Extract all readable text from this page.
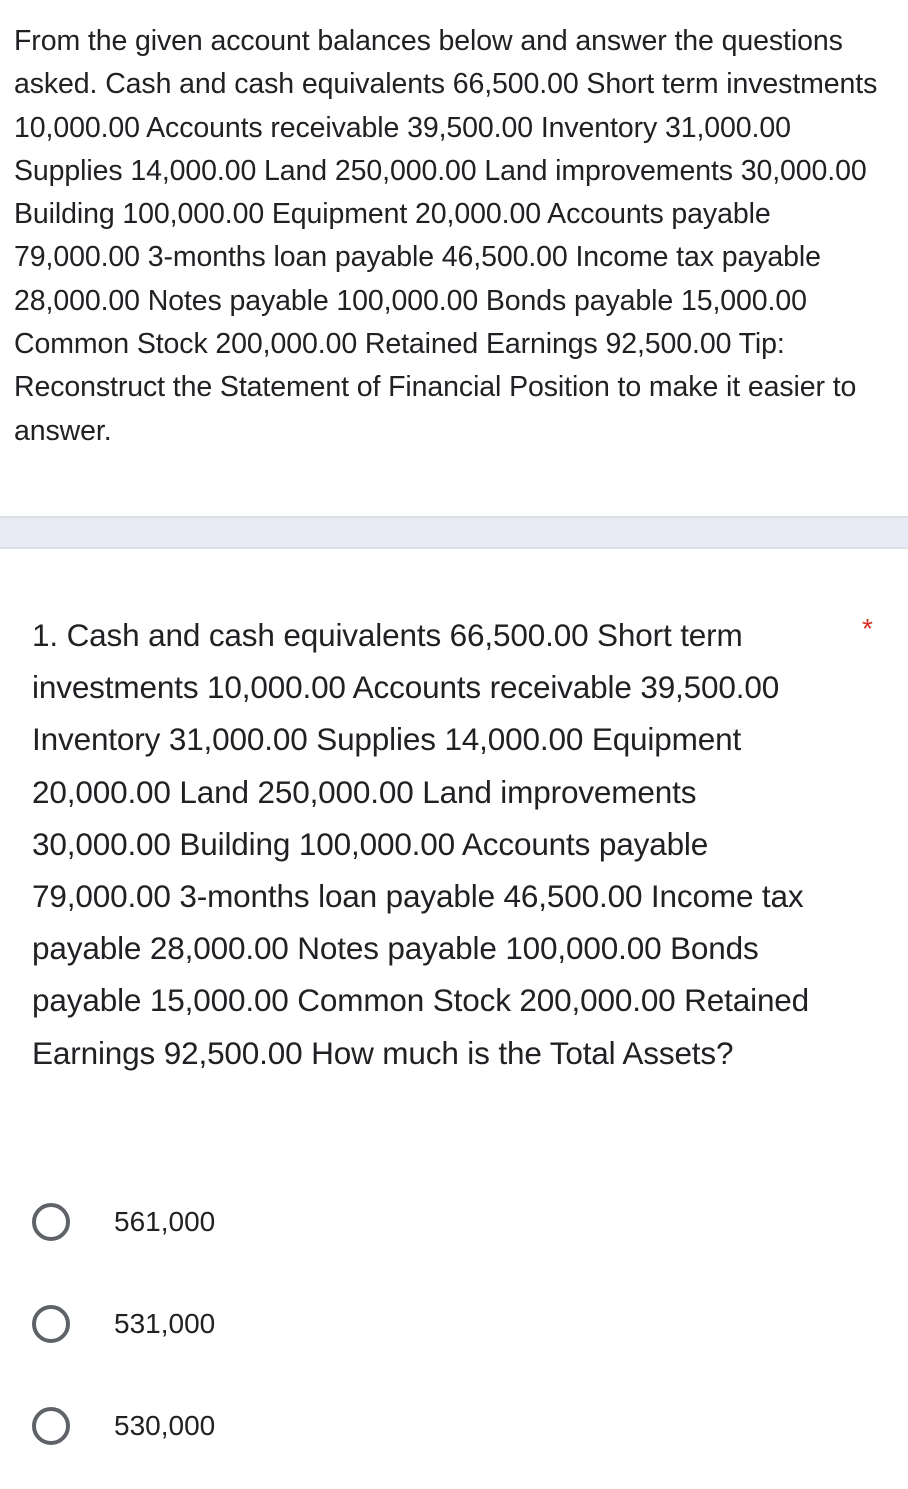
From the given account balances below and answer the questions asked. Cash and cash equivalents 66,500.00 Short term investments 10,000.00 Accounts receivable 39,500.00 Inventory 31,000.00 Supplies 14,000.00 Land 250,000.00 Land improvements 30,000.00 Building 100,000.00 Equipment 20,000.00 Accounts payable 79,000.00 3-months loan payable 46,500.00 Income tax payable 28,000.00 Notes payable 100,000.00 Bonds payable 15,000.00 Common Stock 200,000.00 Retained Earnings 92,500.00 Tip: Reconstruct the Statement of Financial Position to make it easier to answer.
1. Cash and cash equivalents 66,500.00 Short term investments 10,000.00 Accounts receivable 39,500.00 Inventory 31,000.00 Supplies 14,000.00 Equipment 20,000.00 Land 250,000.00 Land improvements 30,000.00 Building 100,000.00 Accounts payable 79,000.00 3-months loan payable 46,500.00 Income tax payable 28,000.00 Notes payable 100,000.00 Bonds payable 15,000.00 Common Stock 200,000.00 Retained Earnings 92,500.00 How much is the Total Assets?
*
561,000
531,000
530,000
